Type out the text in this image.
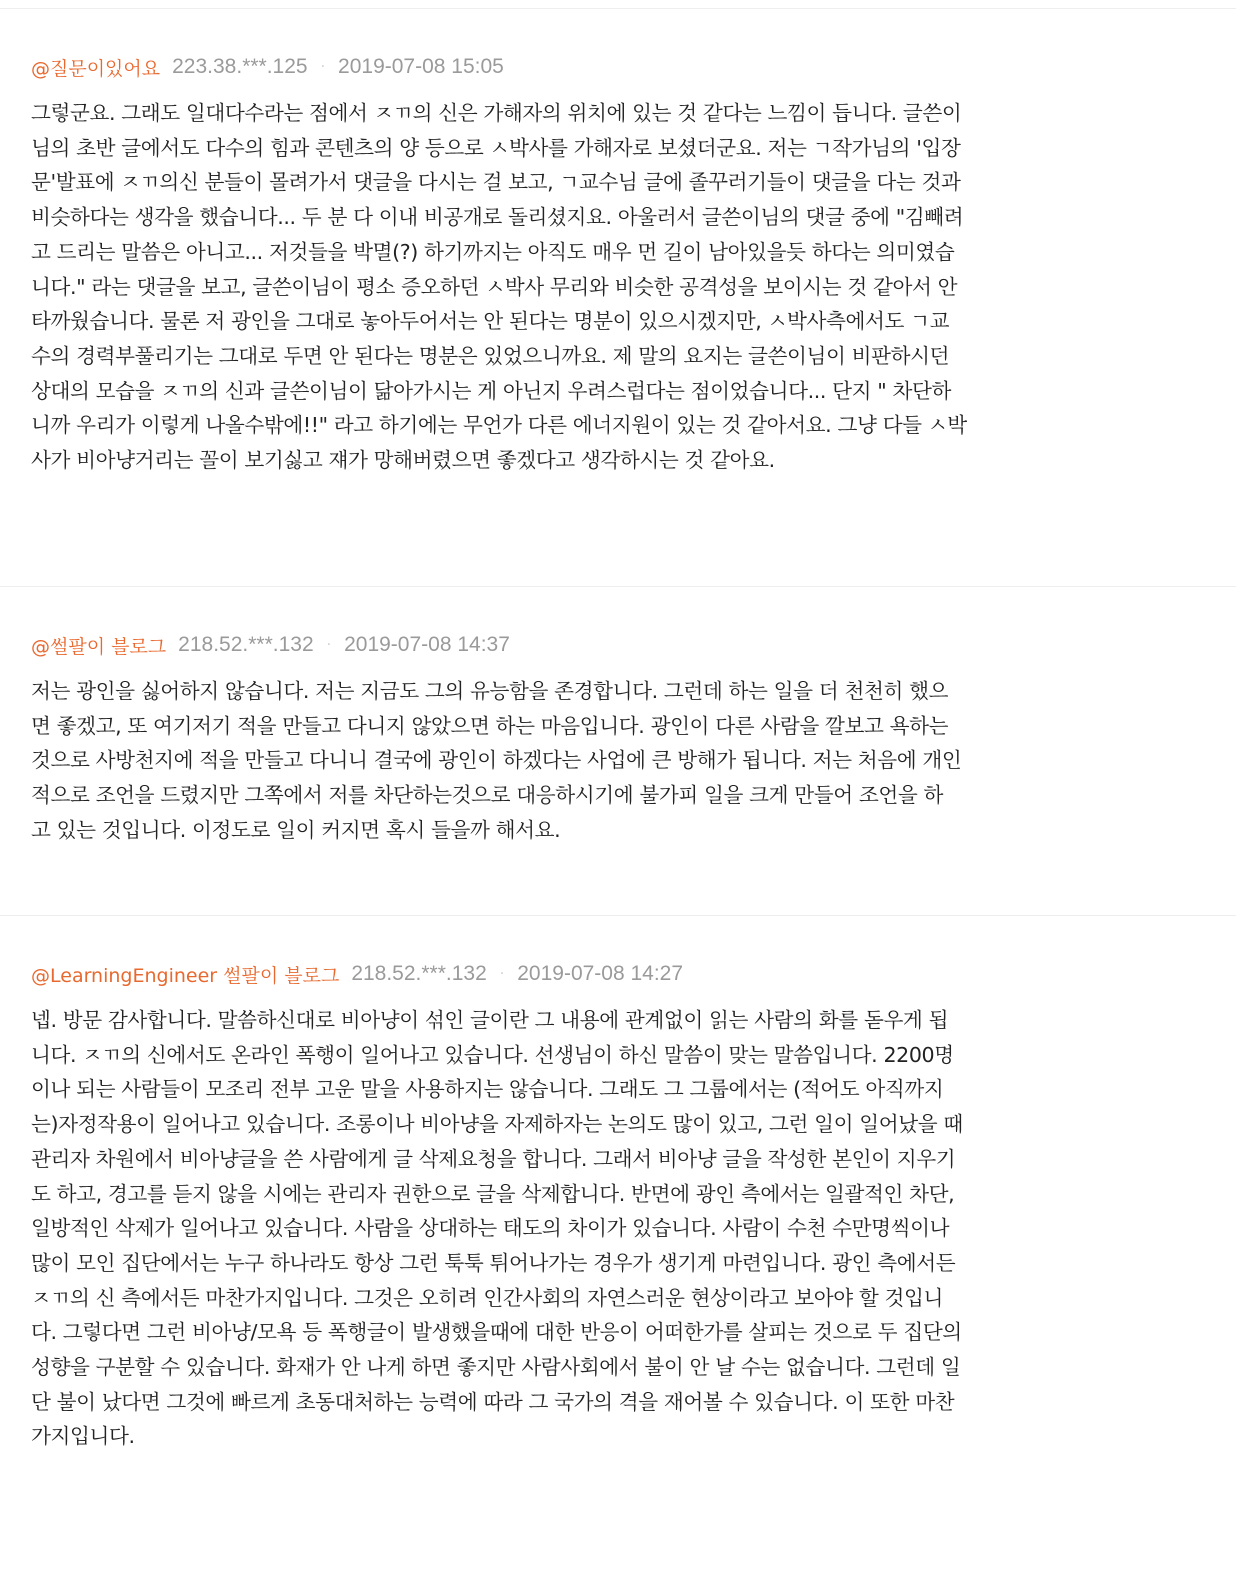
@질문이있어요 223.38.***.125 · 2019-07-08 15:05
그렇군요. 그래도 일대다수라는 점에서 ㅈㄲ의 신은 가해자의 위치에 있는 것 같다는 느낌이 듭니다. 글쓴이
님의 초반 글에서도 다수의 힘과 콘텐츠의 양 등으로 ㅅ박사를 가해자로 보셨더군요. 저는 ㄱ작가님의 '입장
문'발표에 ㅈㄲ의신 분들이 몰려가서 댓글을 다시는 걸 보고, ㄱ교수님 글에 졸꾸러기들이 댓글을 다는 것과
비슷하다는 생각을 했습니다... 두 분 다 이내 비공개로 돌리셨지요. 아울러서 글쓴이님의 댓글 중에 "김빼려
고 드리는 말씀은 아니고... 저것들을 박멸(?) 하기까지는 아직도 매우 먼 길이 남아있을듯 하다는 의미였습
니다." 라는 댓글을 보고, 글쓴이님이 평소 증오하던 ㅅ박사 무리와 비슷한 공격성을 보이시는 것 같아서 안
타까웠습니다. 물론 저 광인을 그대로 놓아두어서는 안 된다는 명분이 있으시겠지만, ㅅ박사측에서도 ㄱ교
수의 경력부풀리기는 그대로 두면 안 된다는 명분은 있었으니까요. 제 말의 요지는 글쓴이님이 비판하시던
상대의 모습을 ㅈㄲ의 신과 글쓴이님이 닮아가시는 게 아닌지 우려스럽다는 점이었습니다... 단지 " 차단하
니까 우리가 이렇게 나올수밖에!!" 라고 하기에는 무언가 다른 에너지원이 있는 것 같아서요. 그냥 다들 ㅅ박
사가 비아냥거리는 꼴이 보기싫고 쟤가 망해버렸으면 좋겠다고 생각하시는 것 같아요.
@썰팔이 블로그 218.52.***.132 · 2019-07-08 14:37
저는 광인을 싫어하지 않습니다. 저는 지금도 그의 유능함을 존경합니다. 그런데 하는 일을 더 천천히 했으
면 좋겠고, 또 여기저기 적을 만들고 다니지 않았으면 하는 마음입니다. 광인이 다른 사람을 깔보고 욕하는
것으로 사방천지에 적을 만들고 다니니 결국에 광인이 하겠다는 사업에 큰 방해가 됩니다. 저는 처음에 개인
적으로 조언을 드렸지만 그쪽에서 저를 차단하는것으로 대응하시기에 불가피 일을 크게 만들어 조언을 하
고 있는 것입니다. 이정도로 일이 커지면 혹시 들을까 해서요.
@LearningEngineer 썰팔이 블로그 218.52.***.132 · 2019-07-08 14:27
넵. 방문 감사합니다. 말씀하신대로 비아냥이 섞인 글이란 그 내용에 관계없이 읽는 사람의 화를 돋우게 됩
니다. ㅈㄲ의 신에서도 온라인 폭행이 일어나고 있습니다. 선생님이 하신 말씀이 맞는 말씀입니다. 2200명
이나 되는 사람들이 모조리 전부 고운 말을 사용하지는 않습니다. 그래도 그 그룹에서는 (적어도 아직까지
는)자정작용이 일어나고 있습니다. 조롱이나 비아냥을 자제하자는 논의도 많이 있고, 그런 일이 일어났을 때
관리자 차원에서 비아냥글을 쓴 사람에게 글 삭제요청을 합니다. 그래서 비아냥 글을 작성한 본인이 지우기
도 하고, 경고를 듣지 않을 시에는 관리자 권한으로 글을 삭제합니다. 반면에 광인 측에서는 일괄적인 차단,
일방적인 삭제가 일어나고 있습니다. 사람을 상대하는 태도의 차이가 있습니다. 사람이 수천 수만명씩이나
많이 모인 집단에서는 누구 하나라도 항상 그런 툭툭 튀어나가는 경우가 생기게 마련입니다. 광인 측에서든
ㅈㄲ의 신 측에서든 마찬가지입니다. 그것은 오히려 인간사회의 자연스러운 현상이라고 보아야 할 것입니
다. 그렇다면 그런 비아냥/모욕 등 폭행글이 발생했을때에 대한 반응이 어떠한가를 살피는 것으로 두 집단의
성향을 구분할 수 있습니다. 화재가 안 나게 하면 좋지만 사람사회에서 불이 안 날 수는 없습니다. 그런데 일
단 불이 났다면 그것에 빠르게 초동대처하는 능력에 따라 그 국가의 격을 재어볼 수 있습니다. 이 또한 마찬
가지입니다.
